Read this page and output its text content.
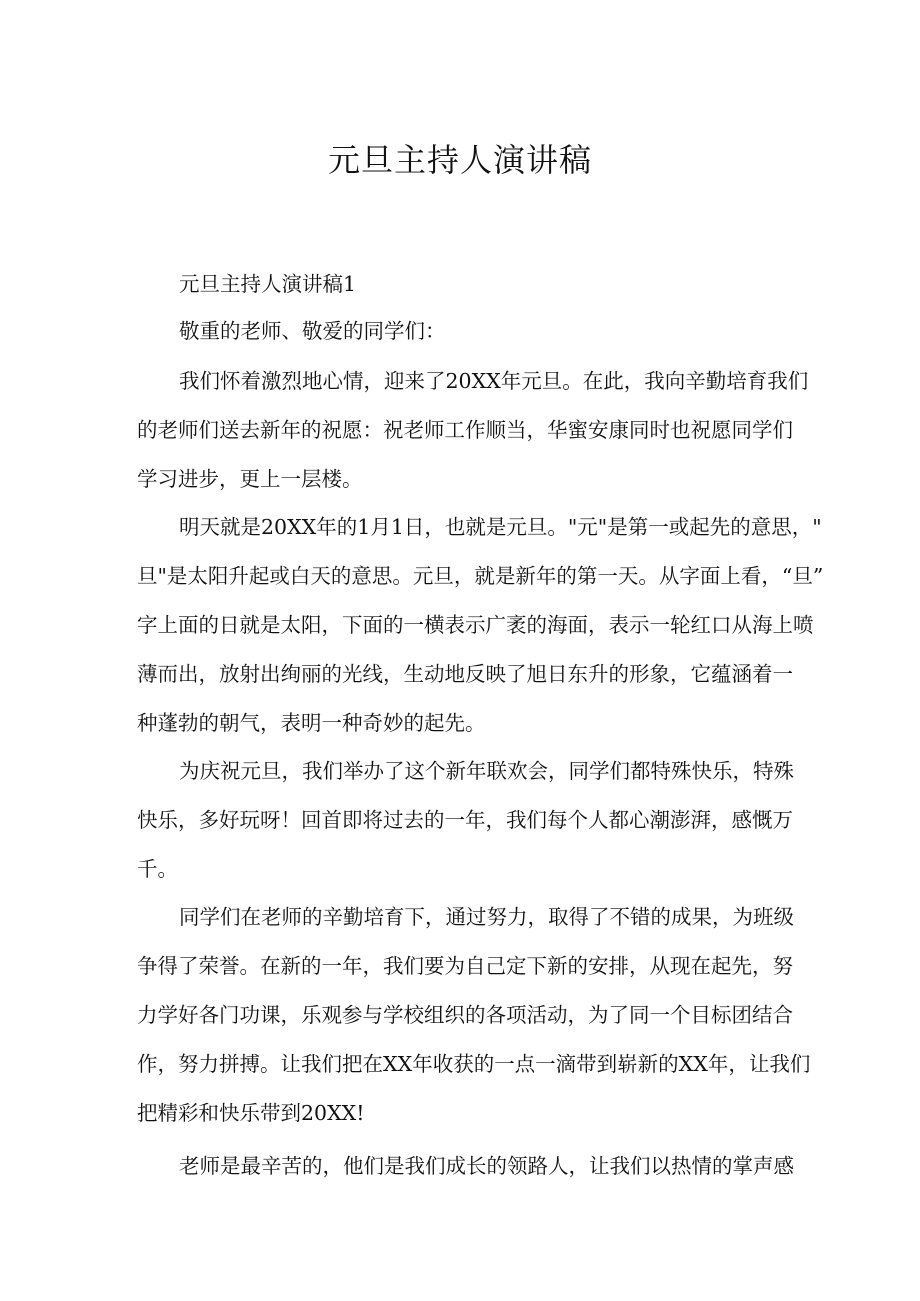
元旦主持人演讲稿
元旦主持人演讲稿1
敬重的老师、敬爱的同学们：
我们怀着激烈地心情，迎来了20XX年元旦。在此，我向辛勤培育我们
的老师们送去新年的祝愿：祝老师工作顺当，华蜜安康同时也祝愿同学们
学习进步，更上一层楼。
明天就是20XX年的1月1日，也就是元旦。"元"是第一或起先的意思，"
旦"是太阳升起或白天的意思。元旦，就是新年的第一天。从字面上看，“旦”
字上面的日就是太阳，下面的一横表示广袤的海面，表示一轮红口从海上喷
薄而出，放射出绚丽的光线，生动地反映了旭日东升的形象，它蕴涵着一
种蓬勃的朝气，表明一种奇妙的起先。
为庆祝元旦，我们举办了这个新年联欢会，同学们都特殊快乐，特殊
快乐，多好玩呀！回首即将过去的一年，我们每个人都心潮澎湃，感慨万
千。
同学们在老师的辛勤培育下，通过努力，取得了不错的成果，为班级
争得了荣誉。在新的一年，我们要为自己定下新的安排，从现在起先，努
力学好各门功课，乐观参与学校组织的各项活动，为了同一个目标团结合
作，努力拼搏。让我们把在XX年收获的一点一滴带到崭新的XX年，让我们
把精彩和快乐带到20XX!
老师是最辛苦的，他们是我们成长的领路人，让我们以热情的掌声感
